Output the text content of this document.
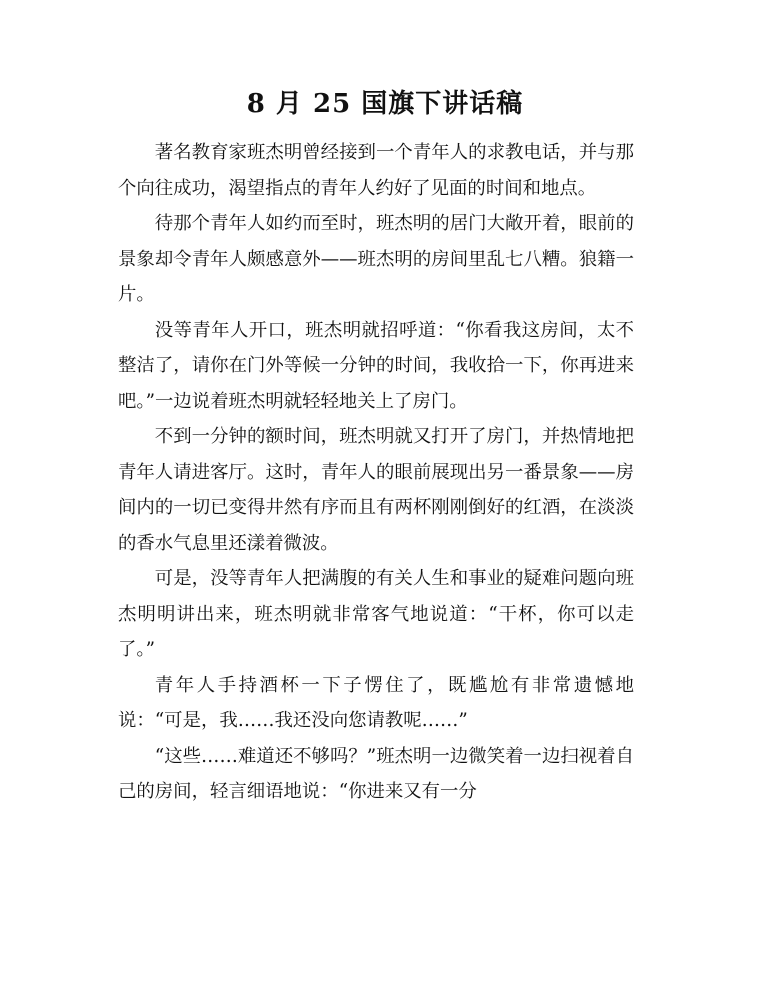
8 月 25 国旗下讲话稿

著名教育家班杰明曾经接到一个青年人的求教电话，并与那个向往成功，渴望指点的青年人约好了见面的时间和地点。

待那个青年人如约而至时，班杰明的居门大敞开着，眼前的景象却令青年人颇感意外——班杰明的房间里乱七八糟。狼籍一片。

没等青年人开口，班杰明就招呼道：“你看我这房间，太不整洁了，请你在门外等候一分钟的时间，我收拾一下，你再进来吧。”一边说着班杰明就轻轻地关上了房门。

不到一分钟的额时间，班杰明就又打开了房门，并热情地把青年人请进客厅。这时，青年人的眼前展现出另一番景象——房间内的一切已变得井然有序而且有两杯刚刚倒好的红酒，在淡淡的香水气息里还漾着微波。

可是，没等青年人把满腹的有关人生和事业的疑难问题向班杰明明讲出来，班杰明就非常客气地说道：“干杯，你可以走了。”

青年人手持酒杯一下子愣住了，既尴尬有非常遗憾地说：“可是，我……我还没向您请教呢……”

“这些……难道还不够吗？”班杰明一边微笑着一边扫视着自己的房间，轻言细语地说：“你进来又有一分
